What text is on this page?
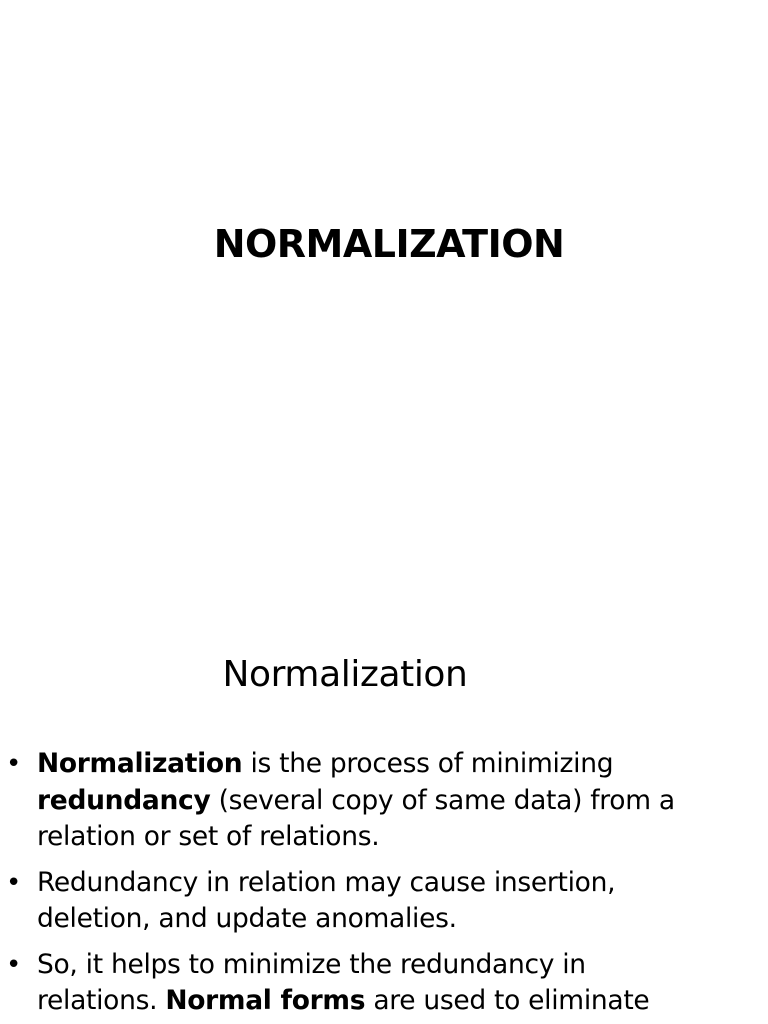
NORMALIZATION
Normalization
• Normalization is the process of minimizing redundancy (several copy of same data) from a relation or set of relations.
• Redundancy in relation may cause insertion, deletion, and update anomalies.
• So, it helps to minimize the redundancy in relations. Normal forms are used to eliminate
